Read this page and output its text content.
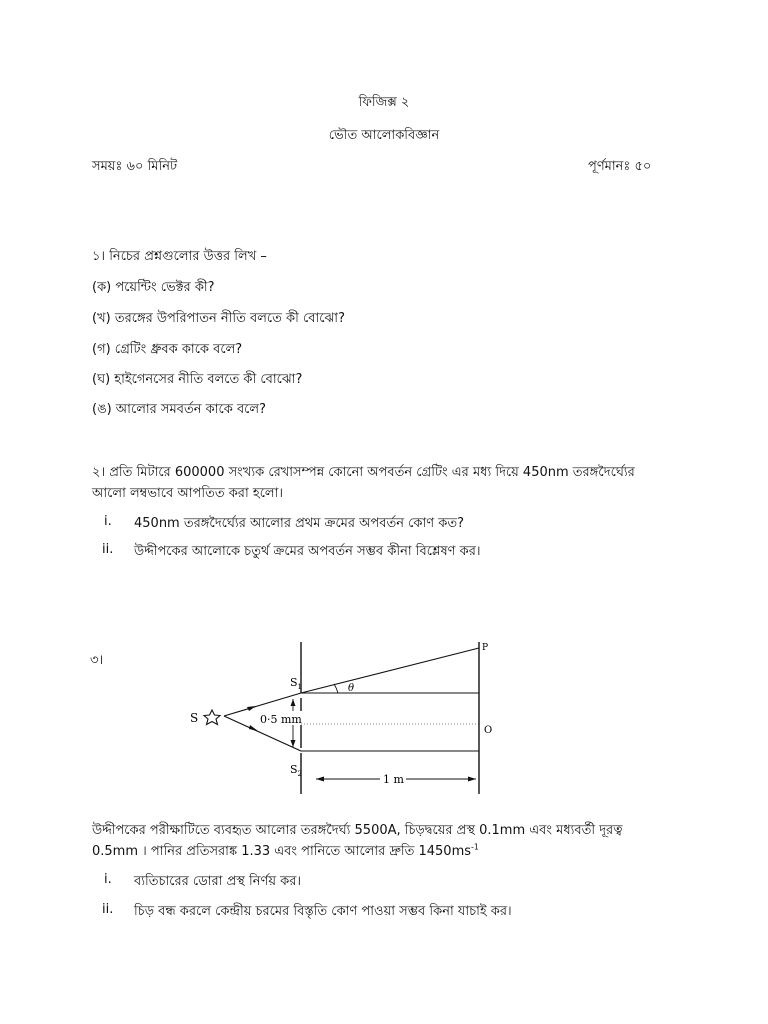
ফিজিক্স ২
ভৌত আলোকবিজ্ঞান
সময়ঃ ৬০ মিনিট	পূর্ণমানঃ ৫০
১। নিচের প্রশ্নগুলোর উত্তর লিখ –
(ক) পয়েন্টিং ভেক্টর কী?
(খ) তরঙ্গের উপরিপাতন নীতি বলতে কী বোঝো?
(গ) গ্রেটিং ধ্রুবক কাকে বলে?
(ঘ) হাইগেনসের নীতি বলতে কী বোঝো?
(ঙ) আলোর সমবর্তন কাকে বলে?
২। প্রতি মিটারে 600000 সংখ্যক রেখাসম্পন্ন কোনো অপবর্তন গ্রেটিং এর মধ্য দিয়ে 450nm তরঙ্গদৈর্ঘ্যের
আলো লম্বভাবে আপতিত করা হলো।
i. 450nm তরঙ্গদৈর্ঘ্যের আলোর প্রথম ক্রমের অপবর্তন কোণ কত?
ii. উদ্দীপকের আলোকে চতুর্থ ক্রমের অপবর্তন সম্ভব কীনা বিশ্লেষণ কর।
৩।
S
$S_1$
$S_2$
0·5 mm
θ
P
O
1 m
উদ্দীপকের পরীক্ষাটিতে ব্যবহৃত আলোর তরঙ্গদৈর্ঘ্য 5500A, চিড়দ্বয়ের প্রস্থ 0.1mm এবং মধ্যবর্তী দূরত্ব
0.5mm । পানির প্রতিসরাঙ্ক 1.33 এবং পানিতে আলোর দ্রুতি $1450ms^{-1}$
i. ব্যতিচারের ডোরা প্রস্থ নির্ণয় কর।
ii. চিড় বন্ধ করলে কেন্দ্রীয় চরমের বিস্তৃতি কোণ পাওয়া সম্ভব কিনা যাচাই কর।
